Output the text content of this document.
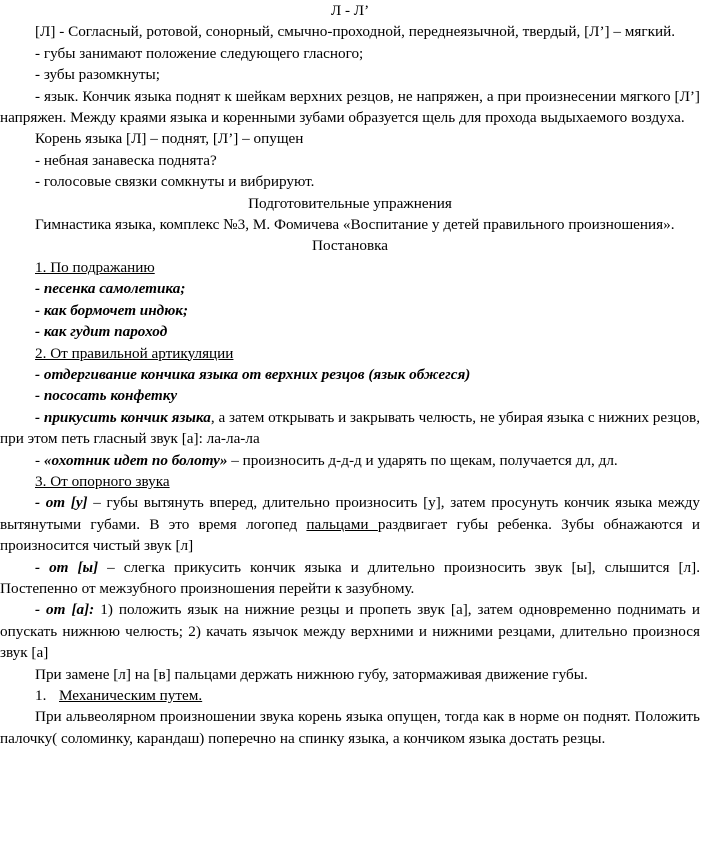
Л - Л’

[Л] - Согласный, ротовой, сонорный, смычно-проходной, переднеязычной, твердый, [Л’] – мягкий.

- губы занимают положение следующего гласного;

- зубы разомкнуты;

- язык. Кончик языка поднят к шейкам верхних резцов, не напряжен, а при произнесении мягкого [Л’] напряжен. Между краями языка и коренными зубами образуется щель для прохода выдыхаемого воздуха.

Корень языка [Л] – поднят, [Л’] – опущен

- небная занавеска поднята?

- голосовые связки сомкнуты и вибрируют.

Подготовительные упражнения

Гимнастика языка, комплекс №3, М. Фомичева «Воспитание у детей правильного произношения».

Постановка

1. По подражанию

- песенка самолетика;

- как бормочет индюк;

- как гудит пароход

2. От правильной артикуляции

- отдергивание кончика языка от верхних резцов (язык обжегся)

- пососать конфетку

- прикусить кончик языка, а затем открывать и закрывать челюсть, не убирая языка с нижних резцов, при этом петь гласный звук [а]: ла-ла-ла

- «охотник идет по болоту» – произносить д-д-д и ударять по щекам, получается дл, дл.

3. От опорного звука

- от [у] – губы вытянуть вперед, длительно произносить [у], затем просунуть кончик языка между вытянутыми губами. В это время логопед пальцами раздвигает губы ребенка. Зубы обнажаются и произносится чистый звук [л]

- от [ы] – слегка прикусить кончик языка и длительно произносить звук [ы], слышится [л]. Постепенно от межзубного произношения перейти к зазубному.

- от [а]: 1) положить язык на нижние резцы и пропеть звук [а], затем одновременно поднимать и опускать нижнюю челюсть; 2) качать язычок между верхними и нижними резцами, длительно произнося звук [а]

При замене [л] на [в] пальцами держать нижнюю губу, затормаживая движение губы.

1. Механическим путем.

При альвеолярном произношении звука корень языка опущен, тогда как в норме он поднят. Положить палочку( соломинку, карандаш) поперечно на спинку языка, а кончиком языка достать резцы.
